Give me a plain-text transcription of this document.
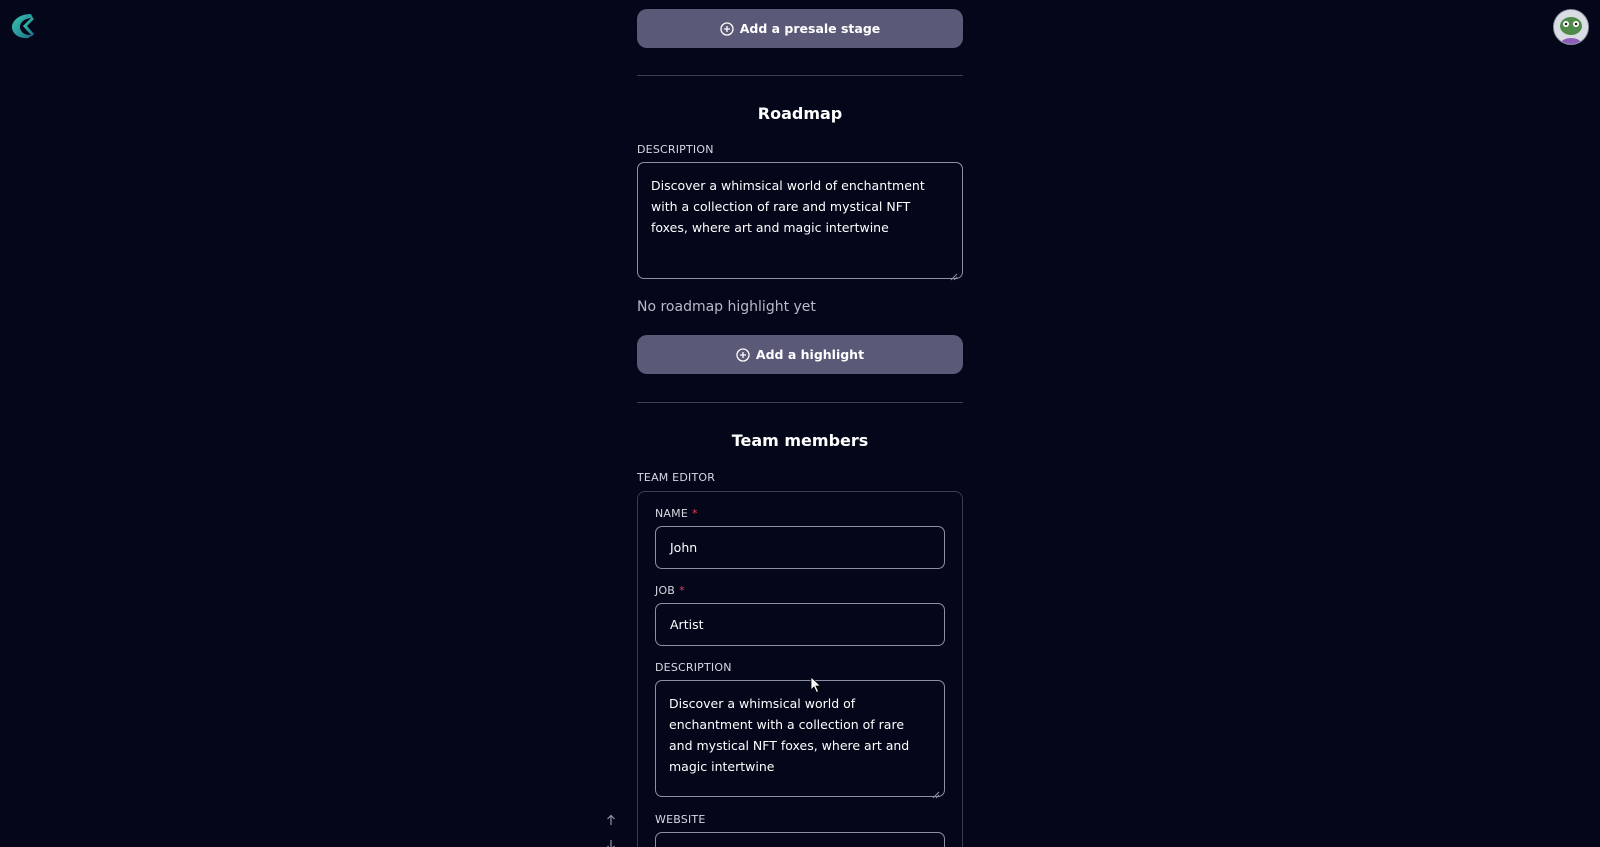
Add a presale stage
Roadmap
DESCRIPTION
Discover a whimsical world of enchantment with a collection of rare and mystical NFT foxes, where art and magic intertwine
No roadmap highlight yet
Add a highlight
Team members
TEAM EDITOR
NAME *
John
JOB *
Artist
DESCRIPTION
Discover a whimsical world of enchantment with a collection of rare and mystical NFT foxes, where art and magic intertwine
WEBSITE
